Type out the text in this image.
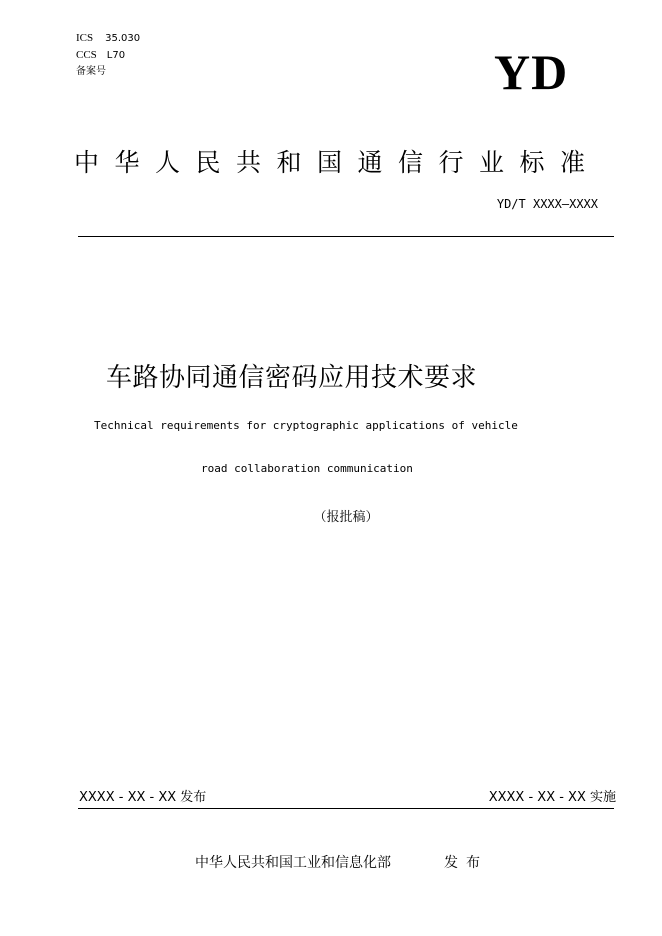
ICS 35.030
CCS L70
备案号	YD
中华人民共和国通信行业标准
YD/T XXXX—XXXX
车路协同通信密码应用技术要求
Technical requirements for cryptographic applications of vehicle
road collaboration communication
（报批稿）
XXXX - XX - XX 发布	XXXX - XX - XX 实施
中华人民共和国工业和信息化部	发布
